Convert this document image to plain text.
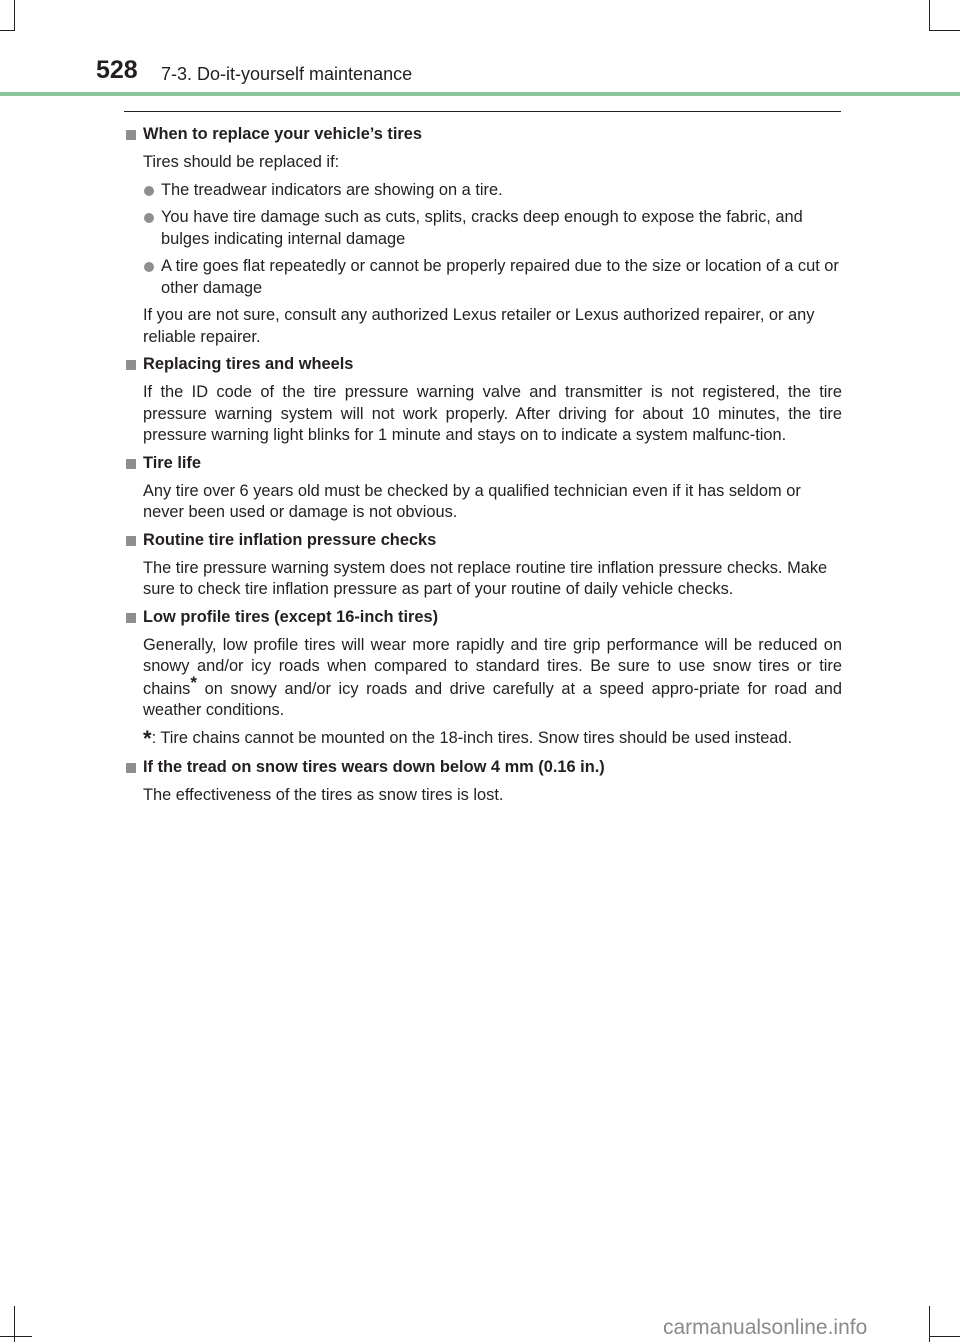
528 7-3. Do-it-yourself maintenance
When to replace your vehicle’s tires
Tires should be replaced if:
The treadwear indicators are showing on a tire.
You have tire damage such as cuts, splits, cracks deep enough to expose the fabric, and bulges indicating internal damage
A tire goes flat repeatedly or cannot be properly repaired due to the size or location of a cut or other damage
If you are not sure, consult any authorized Lexus retailer or Lexus authorized repairer, or any reliable repairer.
Replacing tires and wheels
If the ID code of the tire pressure warning valve and transmitter is not registered, the tire pressure warning system will not work properly. After driving for about 10 minutes, the tire pressure warning light blinks for 1 minute and stays on to indicate a system malfunc-tion.
Tire life
Any tire over 6 years old must be checked by a qualified technician even if it has seldom or never been used or damage is not obvious.
Routine tire inflation pressure checks
The tire pressure warning system does not replace routine tire inflation pressure checks. Make sure to check tire inflation pressure as part of your routine of daily vehicle checks.
Low profile tires (except 16-inch tires)
Generally, low profile tires will wear more rapidly and tire grip performance will be reduced on snowy and/or icy roads when compared to standard tires. Be sure to use snow tires or tire chains* on snowy and/or icy roads and drive carefully at a speed appro-priate for road and weather conditions.
*: Tire chains cannot be mounted on the 18-inch tires. Snow tires should be used instead.
If the tread on snow tires wears down below 4 mm (0.16 in.)
The effectiveness of the tires as snow tires is lost.
carmanualsonline.info
